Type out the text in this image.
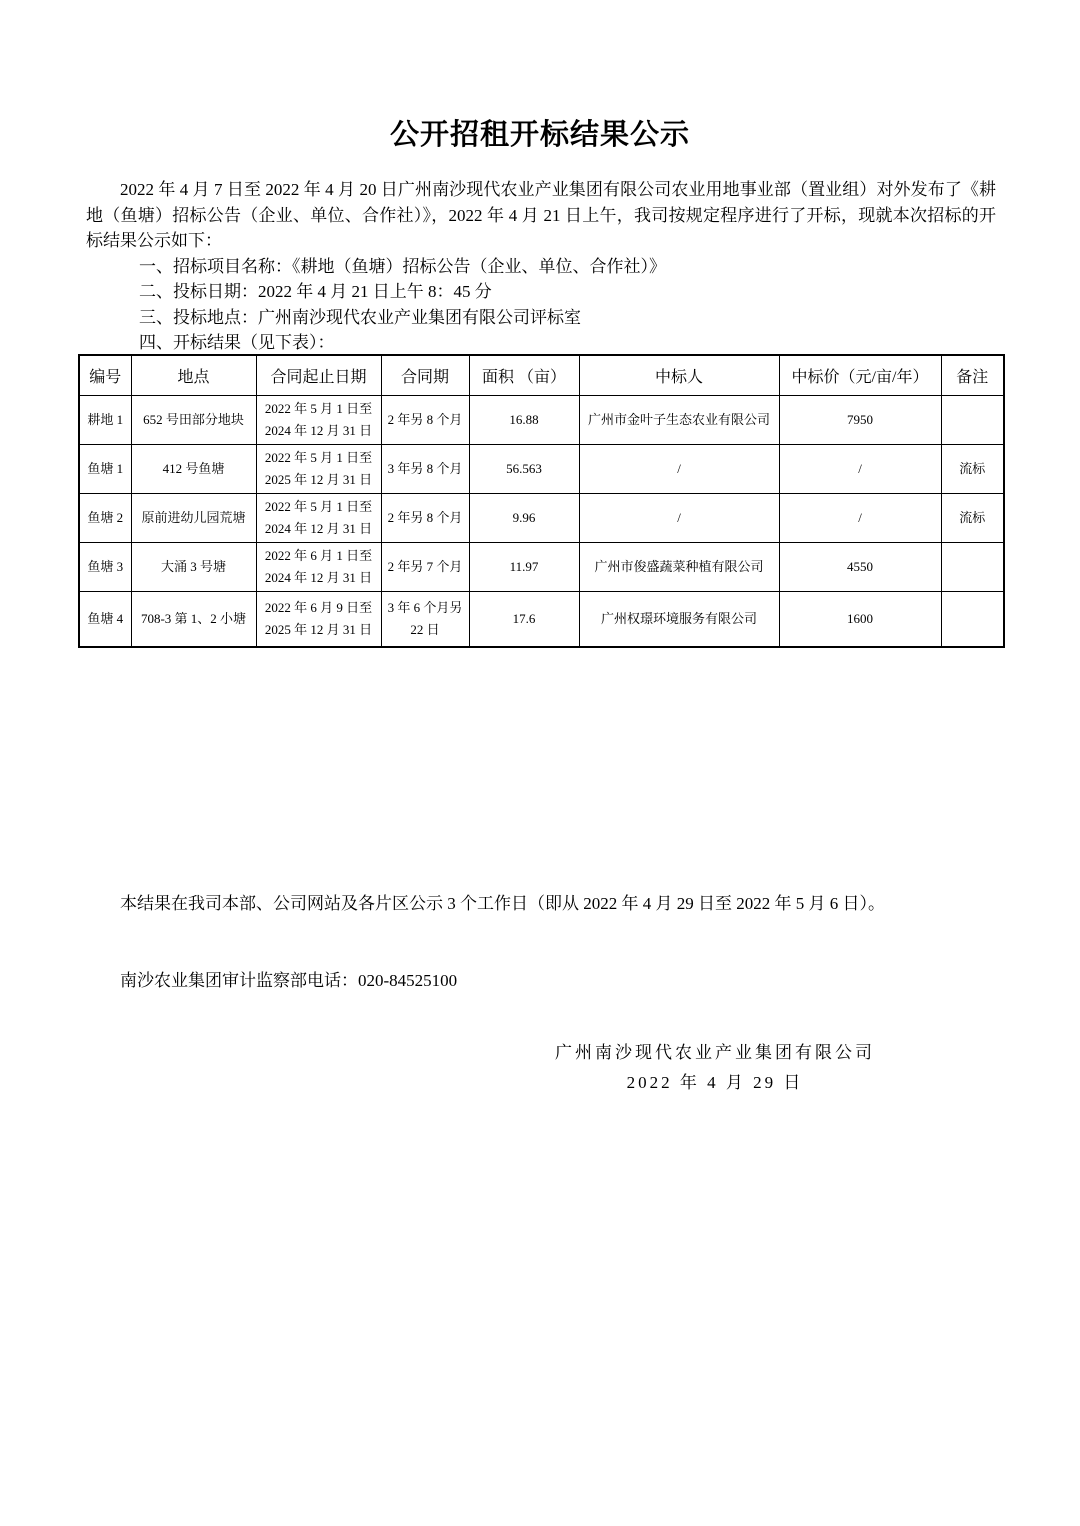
公开招租开标结果公示

2022 年 4 月 7 日至 2022 年 4 月 20 日广州南沙现代农业产业集团有限公司农业用地事业部（置业组）对外发布了《耕地（鱼塘）招标公告（企业、单位、合作社）》，2022 年 4 月 21 日上午，我司按规定程序进行了开标，现就本次招标的开标结果公示如下：

一、招标项目名称：《耕地（鱼塘）招标公告（企业、单位、合作社）》

二、投标日期：2022 年 4 月 21 日上午 8：45 分

三、投标地点：广州南沙现代农业产业集团有限公司评标室

四、开标结果（见下表）：

编号	地点	合同起止日期	合同期	面积 （亩）	中标人	中标价（元/亩/年）	备注
耕地 1	652 号田部分地块	2022 年 5 月 1 日至
2024 年 12 月 31 日	2 年另 8 个月	16.88	广州市金叶子生态农业有限公司	7950	
鱼塘 1	412 号鱼塘	2022 年 5 月 1 日至
2025 年 12 月 31 日	3 年另 8 个月	56.563	/	/	流标
鱼塘 2	原前进幼儿园荒塘	2022 年 5 月 1 日至
2024 年 12 月 31 日	2 年另 8 个月	9.96	/	/	流标
鱼塘 3	大涌 3 号塘	2022 年 6 月 1 日至
2024 年 12 月 31 日	2 年另 7 个月	11.97	广州市俊盛蔬菜种植有限公司	4550	
鱼塘 4	708-3 第 1、2 小塘	2022 年 6 月 9 日至
2025 年 12 月 31 日	3 年 6 个月另 22 日	17.6	广州权璟环境服务有限公司	1600	

本结果在我司本部、公司网站及各片区公示 3 个工作日（即从 2022 年 4 月 29 日至 2022 年 5 月 6 日）。

南沙农业集团审计监察部电话：020-84525100

广州南沙现代农业产业集团有限公司
2022 年 4 月 29 日
